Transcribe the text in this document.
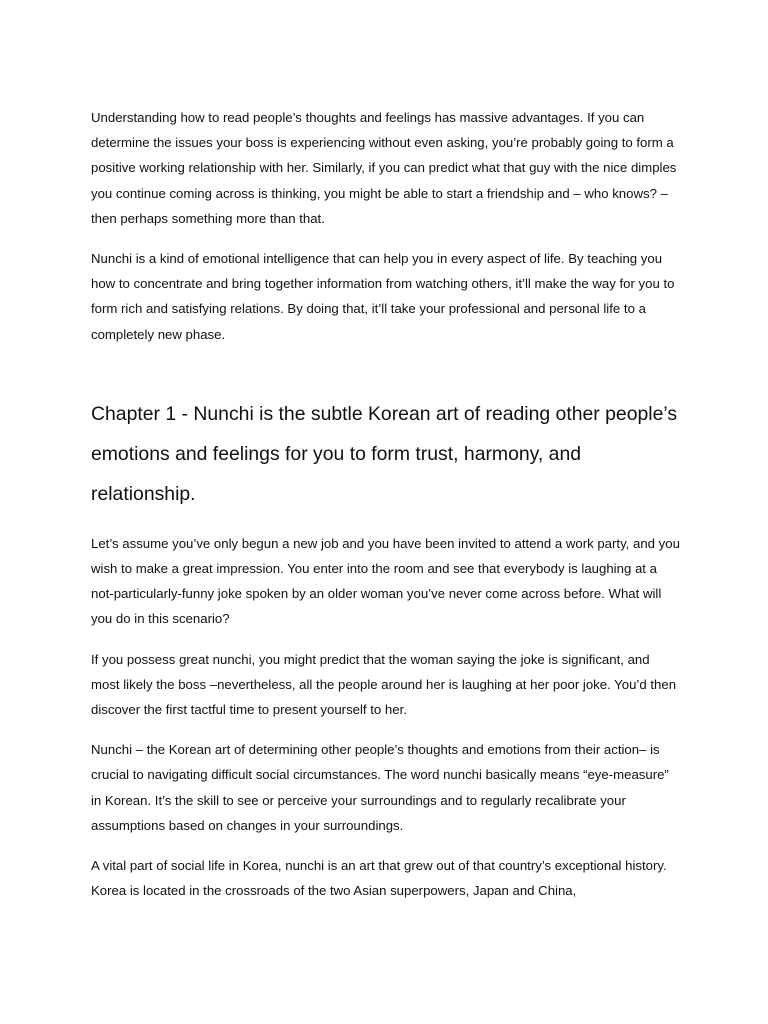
Understanding how to read people’s thoughts and feelings has massive advantages. If you can determine the issues your boss is experiencing without even asking, you’re probably going to form a positive working relationship with her. Similarly, if you can predict what that guy with the nice dimples you continue coming across is thinking, you might be able to start a friendship and – who knows? – then perhaps something more than that.

Nunchi is a kind of emotional intelligence that can help you in every aspect of life. By teaching you how to concentrate and bring together information from watching others, it’ll make the way for you to form rich and satisfying relations. By doing that, it’ll take your professional and personal life to a completely new phase.

Chapter 1 - Nunchi is the subtle Korean art of reading other people’s emotions and feelings for you to form trust, harmony, and relationship.

Let’s assume you’ve only begun a new job and you have been invited to attend a work party, and you wish to make a great impression. You enter into the room and see that everybody is laughing at a not-particularly-funny joke spoken by an older woman you’ve never come across before. What will you do in this scenario?

If you possess great nunchi, you might predict that the woman saying the joke is significant, and most likely the boss –nevertheless, all the people around her is laughing at her poor joke. You’d then discover the first tactful time to present yourself to her.

Nunchi – the Korean art of determining other people’s thoughts and emotions from their action– is crucial to navigating difficult social circumstances. The word nunchi basically means “eye-measure” in Korean. It’s the skill to see or perceive your surroundings and to regularly recalibrate your assumptions based on changes in your surroundings.

A vital part of social life in Korea, nunchi is an art that grew out of that country’s exceptional history. Korea is located in the crossroads of the two Asian superpowers, Japan and China,
